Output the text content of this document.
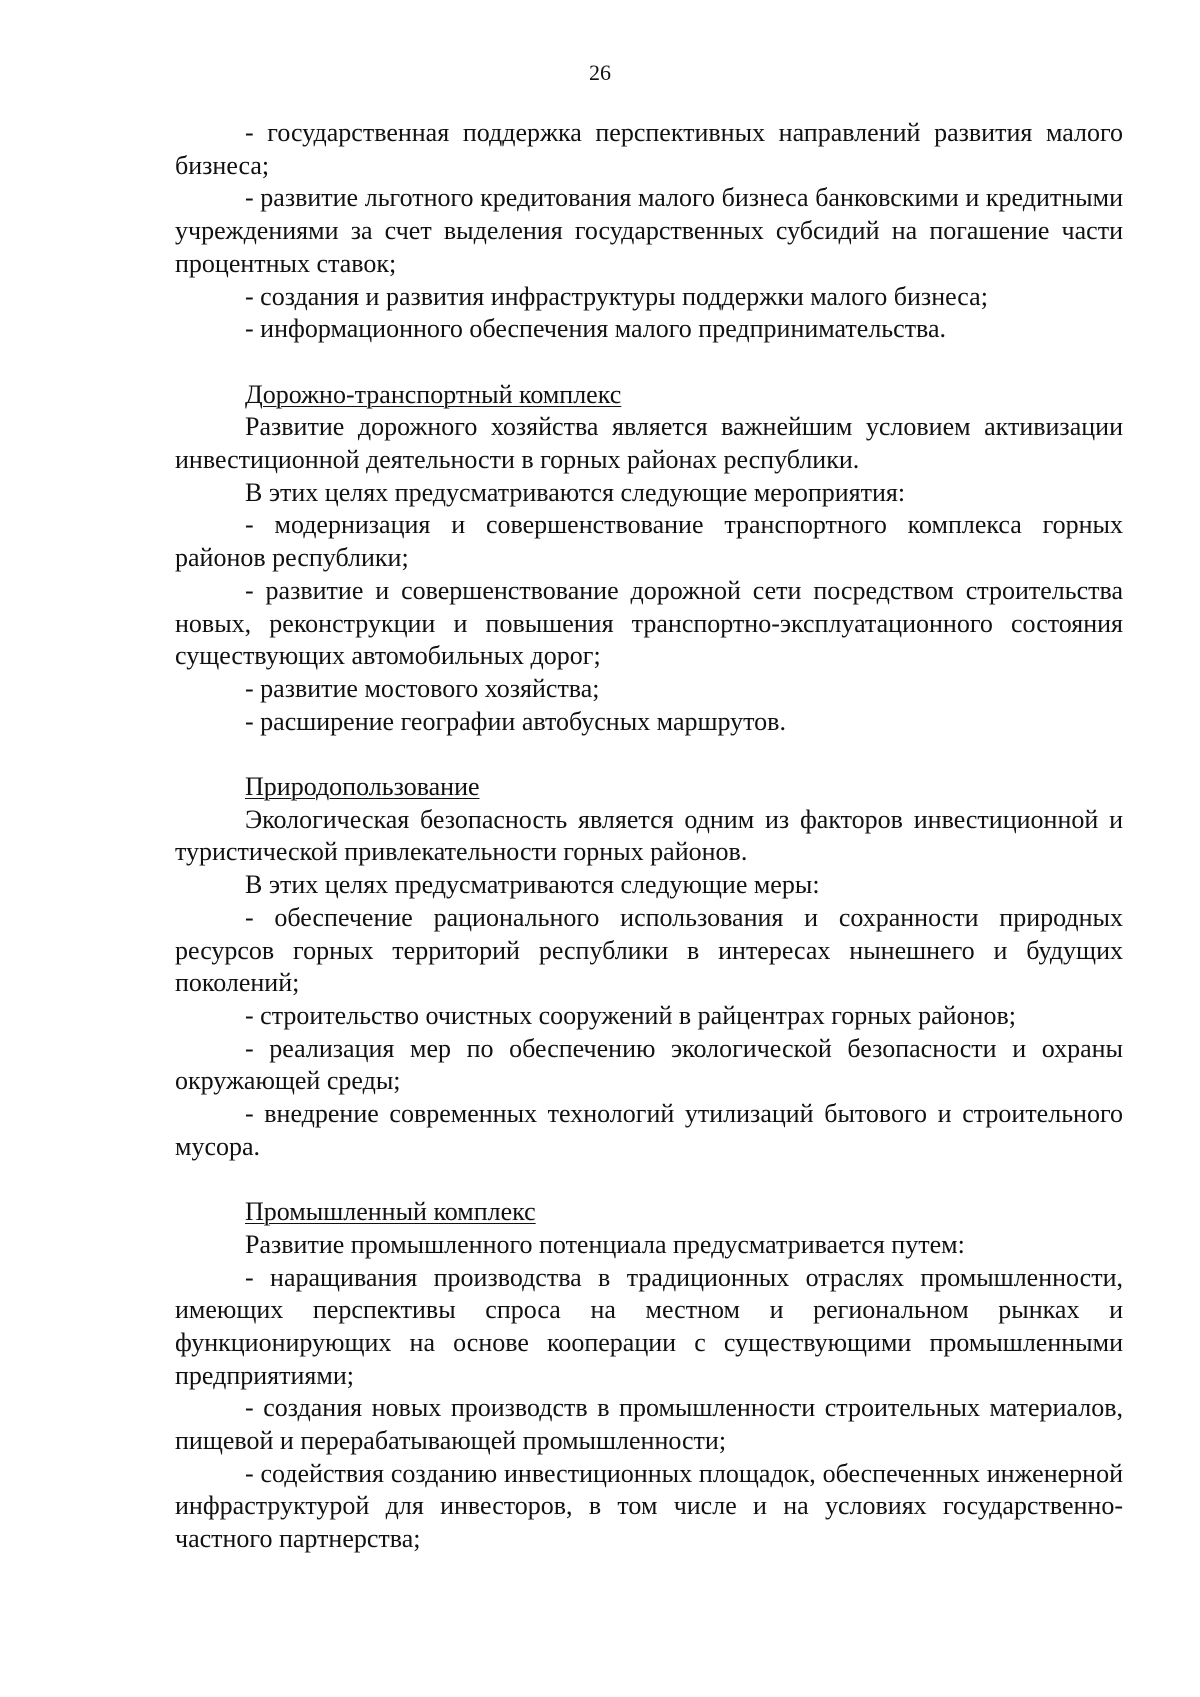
26

- государственная поддержка перспективных направлений развития малого бизнеса;

- развитие льготного кредитования малого бизнеса банковскими и кредитными учреждениями за счет выделения государственных субсидий на погашение части процентных ставок;

- создания и развития инфраструктуры поддержки малого бизнеса;

- информационного обеспечения малого предпринимательства.

Дорожно-транспортный комплекс

Развитие дорожного хозяйства является важнейшим условием активизации инвестиционной деятельности в горных районах республики.

В этих целях предусматриваются следующие мероприятия:

- модернизация и совершенствование транспортного комплекса горных районов республики;

- развитие и совершенствование дорожной сети посредством строительства новых, реконструкции и повышения транспортно-эксплуатационного состояния существующих автомобильных дорог;

- развитие мостового хозяйства;

- расширение географии автобусных маршрутов.

Природопользование

Экологическая безопасность является одним из факторов инвестиционной и туристической привлекательности горных районов.

В этих целях предусматриваются следующие меры:

- обеспечение рационального использования и сохранности природных ресурсов горных территорий республики в интересах нынешнего и будущих поколений;

- строительство очистных сооружений в райцентрах горных районов;

- реализация мер по обеспечению экологической безопасности и охраны окружающей среды;

- внедрение современных технологий утилизаций бытового и строительного мусора.

Промышленный комплекс

Развитие промышленного потенциала предусматривается путем:

- наращивания производства в традиционных отраслях промышленности, имеющих перспективы спроса на местном и региональном рынках и функционирующих на основе кооперации с существующими промышленными предприятиями;

- создания новых производств в промышленности строительных материалов, пищевой и перерабатывающей промышленности;

- содействия созданию инвестиционных площадок, обеспеченных инженерной инфраструктурой для инвесторов, в том числе и на условиях государственно-частного партнерства;
